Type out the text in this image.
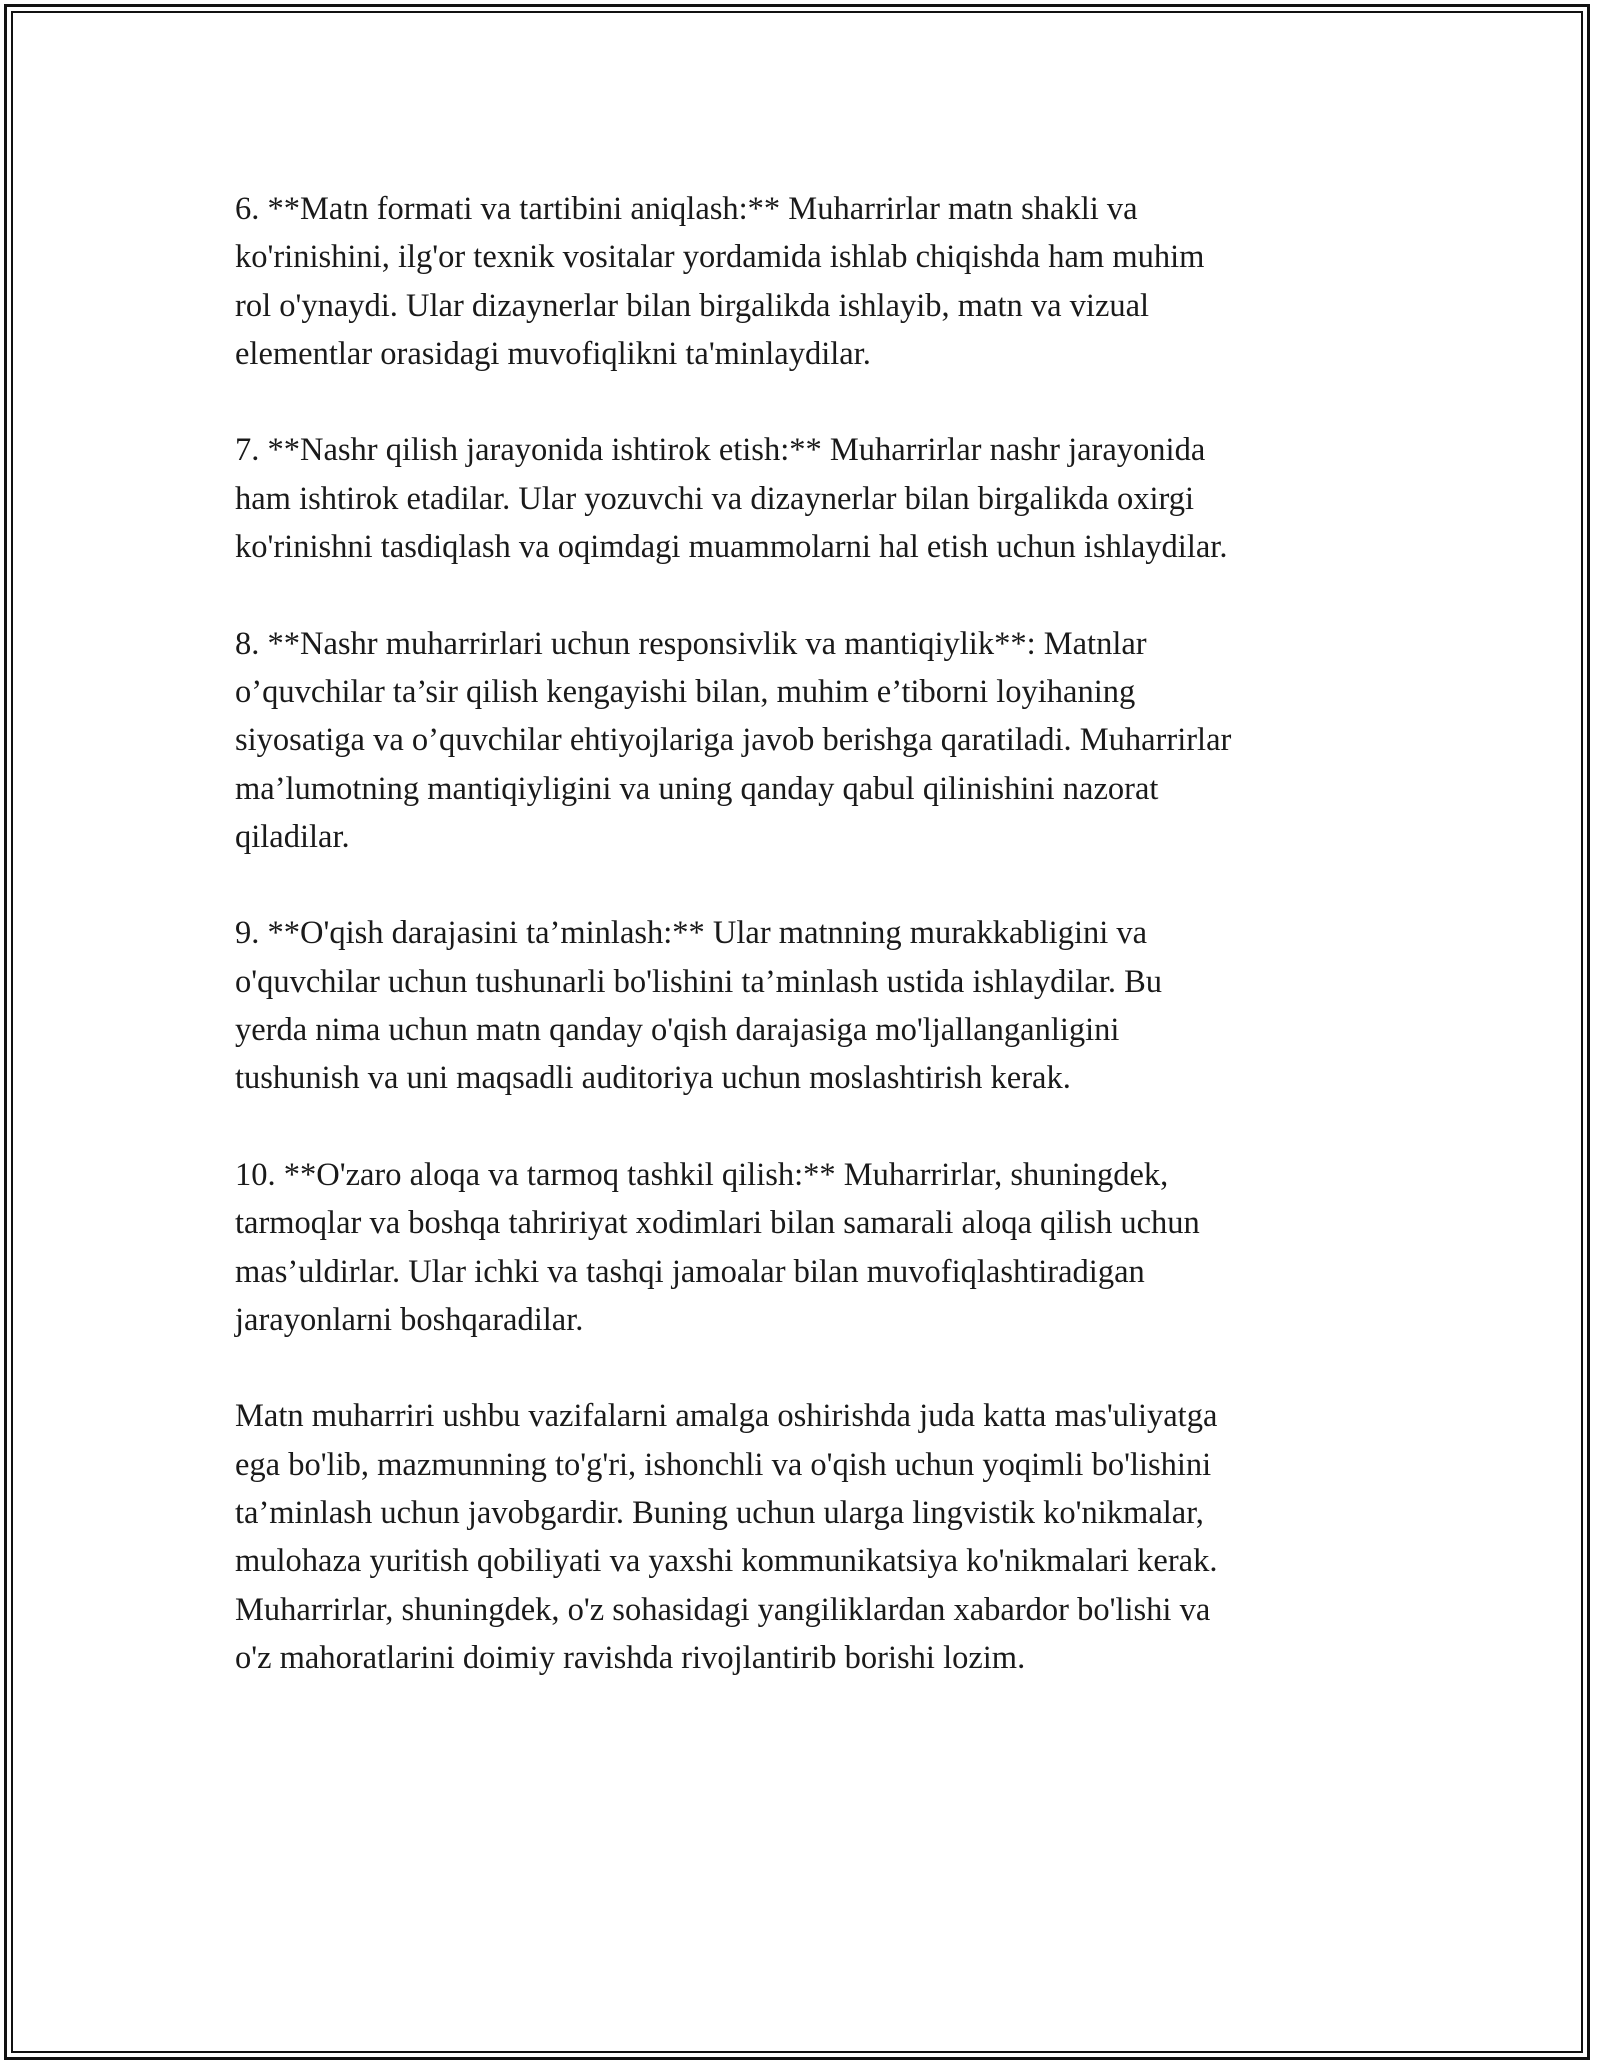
6. **Matn formati va tartibini aniqlash:** Muharrirlar matn shakli va
ko'rinishini, ilg'or texnik vositalar yordamida ishlab chiqishda ham muhim
rol o'ynaydi. Ular dizaynerlar bilan birgalikda ishlayib, matn va vizual
elementlar orasidagi muvofiqlikni ta'minlaydilar.

7. **Nashr qilish jarayonida ishtirok etish:** Muharrirlar nashr jarayonida
ham ishtirok etadilar. Ular yozuvchi va dizaynerlar bilan birgalikda oxirgi
ko'rinishni tasdiqlash va oqimdagi muammolarni hal etish uchun ishlaydilar.

8. **Nashr muharrirlari uchun responsivlik va mantiqiylik**: Matnlar
o’quvchilar ta’sir qilish kengayishi bilan, muhim e’tiborni loyihaning
siyosatiga va o’quvchilar ehtiyojlariga javob berishga qaratiladi. Muharrirlar
ma’lumotning mantiqiyligini va uning qanday qabul qilinishini nazorat
qiladilar.

9. **O'qish darajasini ta’minlash:** Ular matnning murakkabligini va
o'quvchilar uchun tushunarli bo'lishini ta’minlash ustida ishlaydilar. Bu
yerda nima uchun matn qanday o'qish darajasiga mo'ljallanganligini
tushunish va uni maqsadli auditoriya uchun moslashtirish kerak.

10. **O'zaro aloqa va tarmoq tashkil qilish:** Muharrirlar, shuningdek,
tarmoqlar va boshqa tahririyat xodimlari bilan samarali aloqa qilish uchun
mas’uldirlar. Ular ichki va tashqi jamoalar bilan muvofiqlashtiradigan
jarayonlarni boshqaradilar.

Matn muharriri ushbu vazifalarni amalga oshirishda juda katta mas'uliyatga
ega bo'lib, mazmunning to'g'ri, ishonchli va o'qish uchun yoqimli bo'lishini
ta’minlash uchun javobgardir. Buning uchun ularga lingvistik ko'nikmalar,
mulohaza yuritish qobiliyati va yaxshi kommunikatsiya ko'nikmalari kerak.
Muharrirlar, shuningdek, o'z sohasidagi yangiliklardan xabardor bo'lishi va
o'z mahoratlarini doimiy ravishda rivojlantirib borishi lozim.
